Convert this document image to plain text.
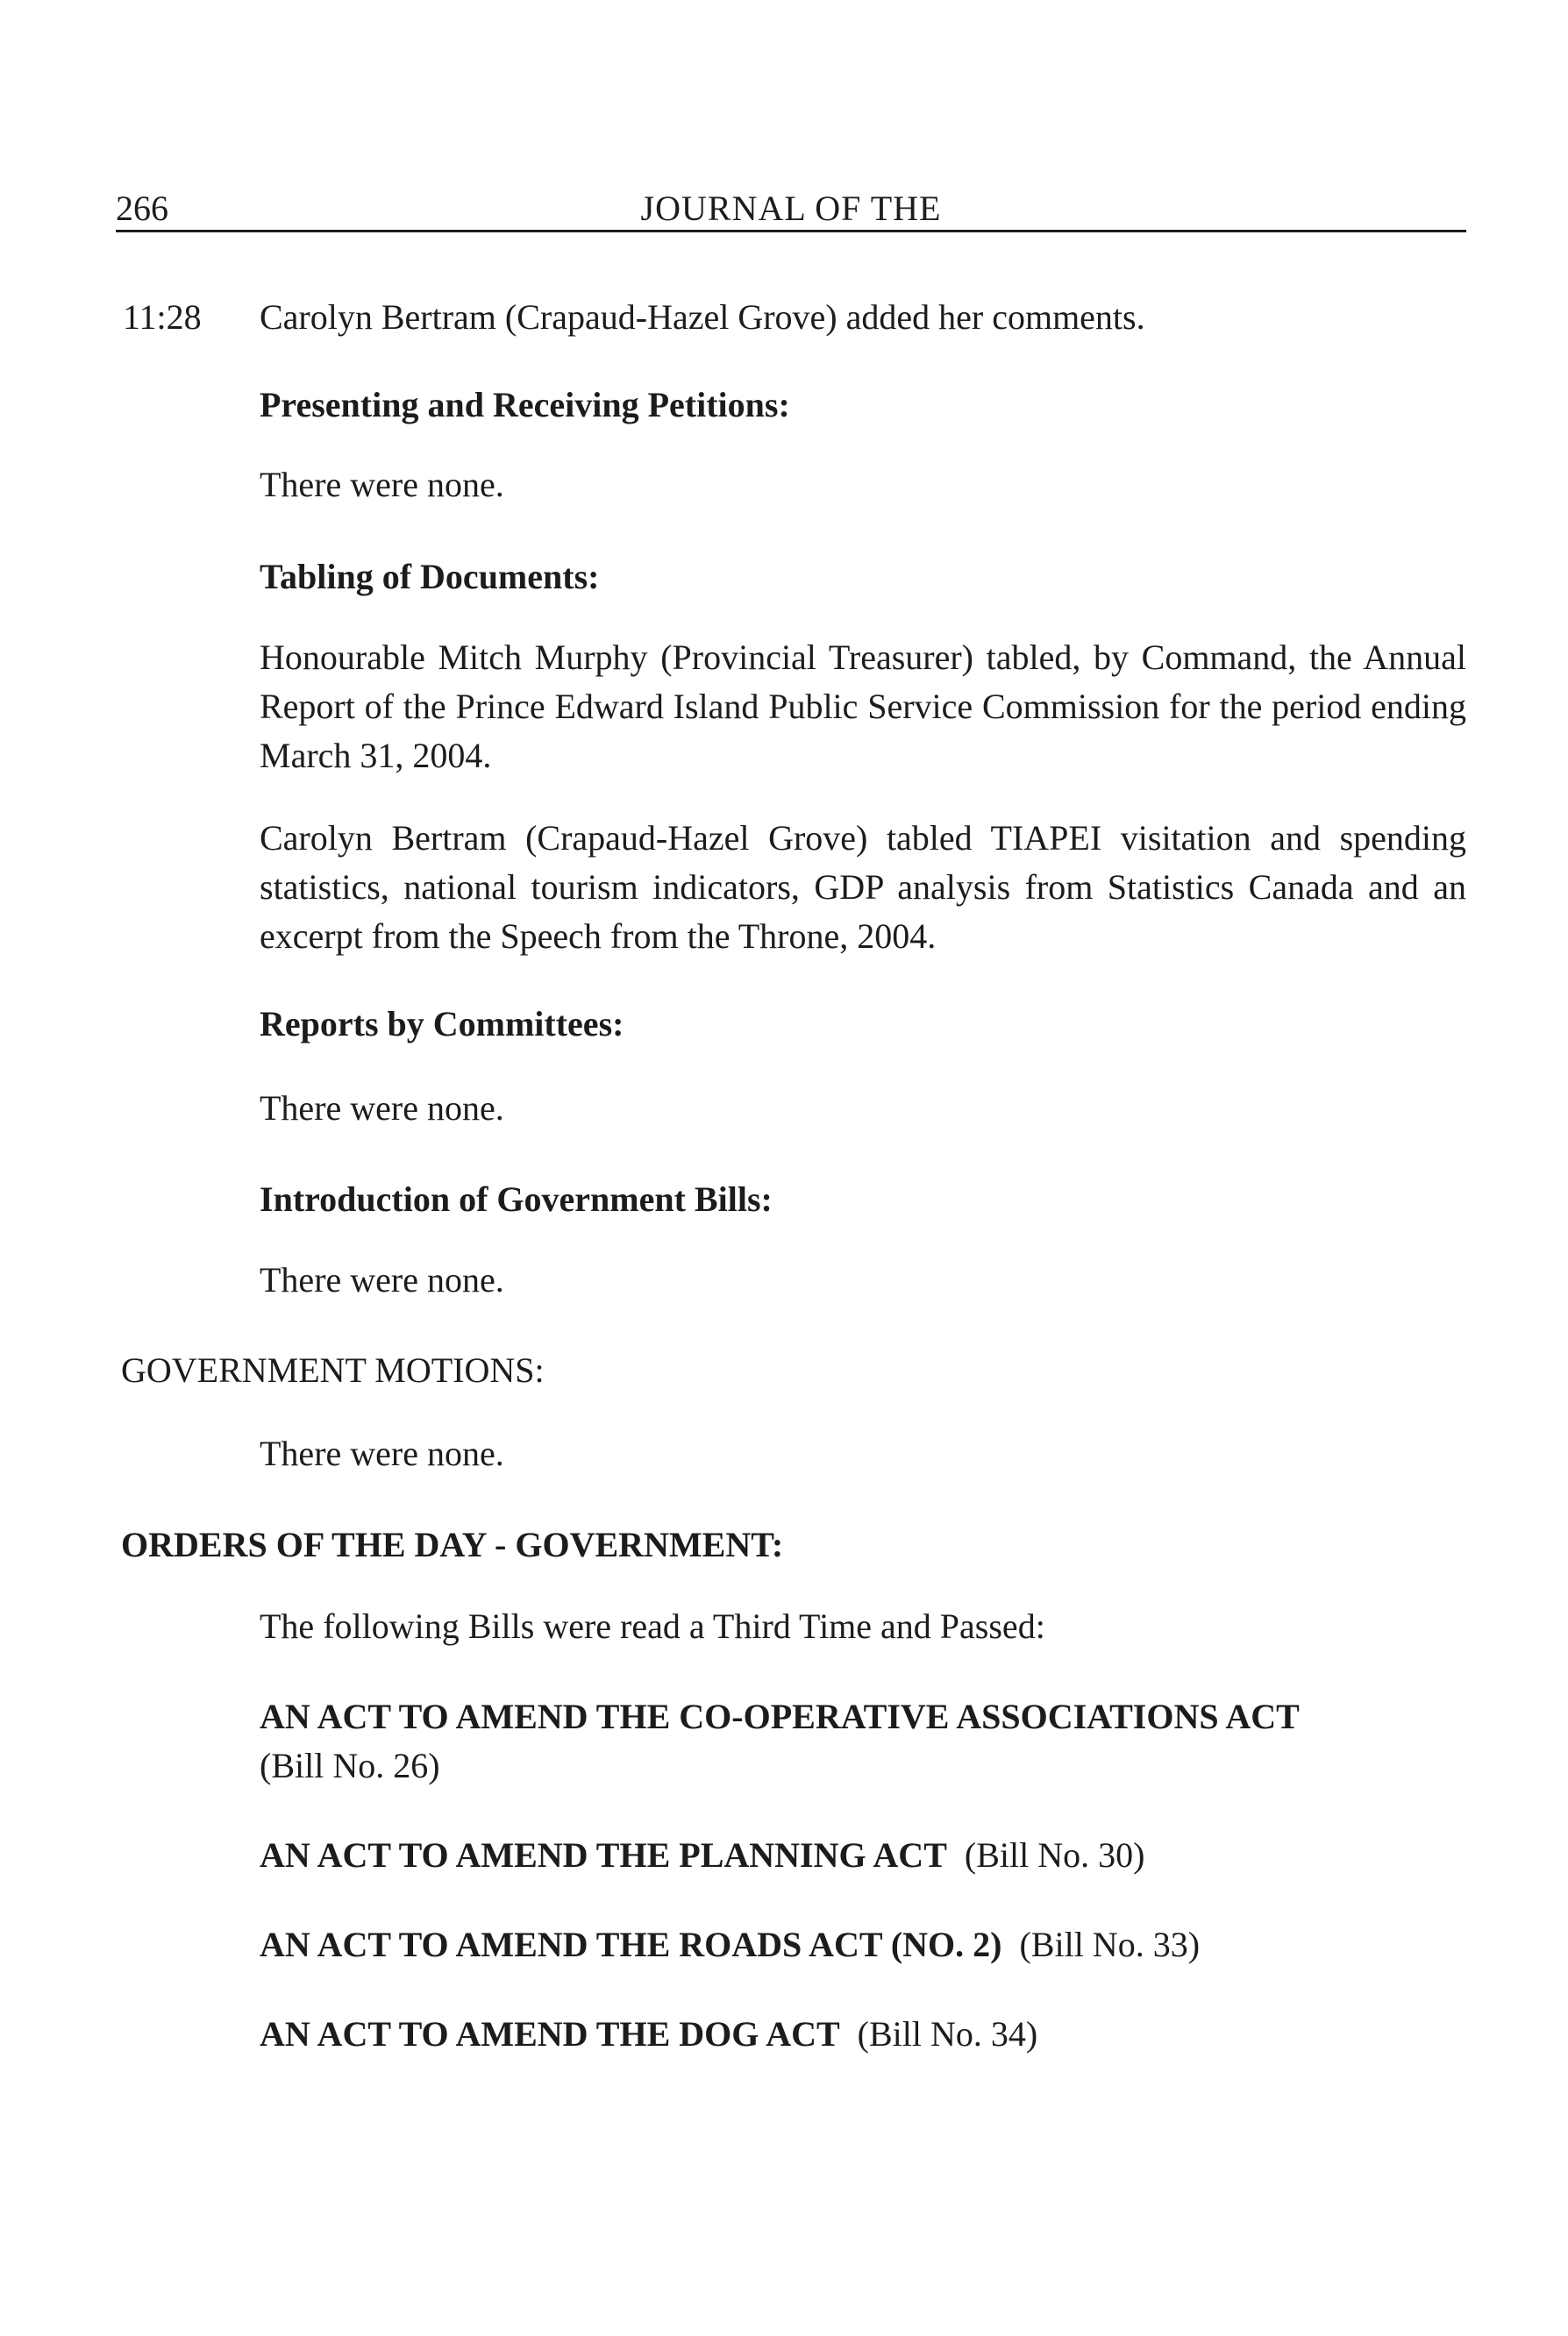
266	JOURNAL OF THE
11:28 Carolyn Bertram (Crapaud-Hazel Grove) added her comments.
Presenting and Receiving Petitions:
There were none.
Tabling of Documents:
Honourable Mitch Murphy (Provincial Treasurer) tabled, by Command, the Annual Report of the Prince Edward Island Public Service Commission for the period ending March 31, 2004.
Carolyn Bertram (Crapaud-Hazel Grove) tabled TIAPEI visitation and spending statistics, national tourism indicators, GDP analysis from Statistics Canada and an excerpt from the Speech from the Throne, 2004.
Reports by Committees:
There were none.
Introduction of Government Bills:
There were none.
GOVERNMENT MOTIONS:
There were none.
ORDERS OF THE DAY - GOVERNMENT:
The following Bills were read a Third Time and Passed:
AN ACT TO AMEND THE CO-OPERATIVE ASSOCIATIONS ACT
(Bill No. 26)
AN ACT TO AMEND THE PLANNING ACT (Bill No. 30)
AN ACT TO AMEND THE ROADS ACT (NO. 2) (Bill No. 33)
AN ACT TO AMEND THE DOG ACT (Bill No. 34)
